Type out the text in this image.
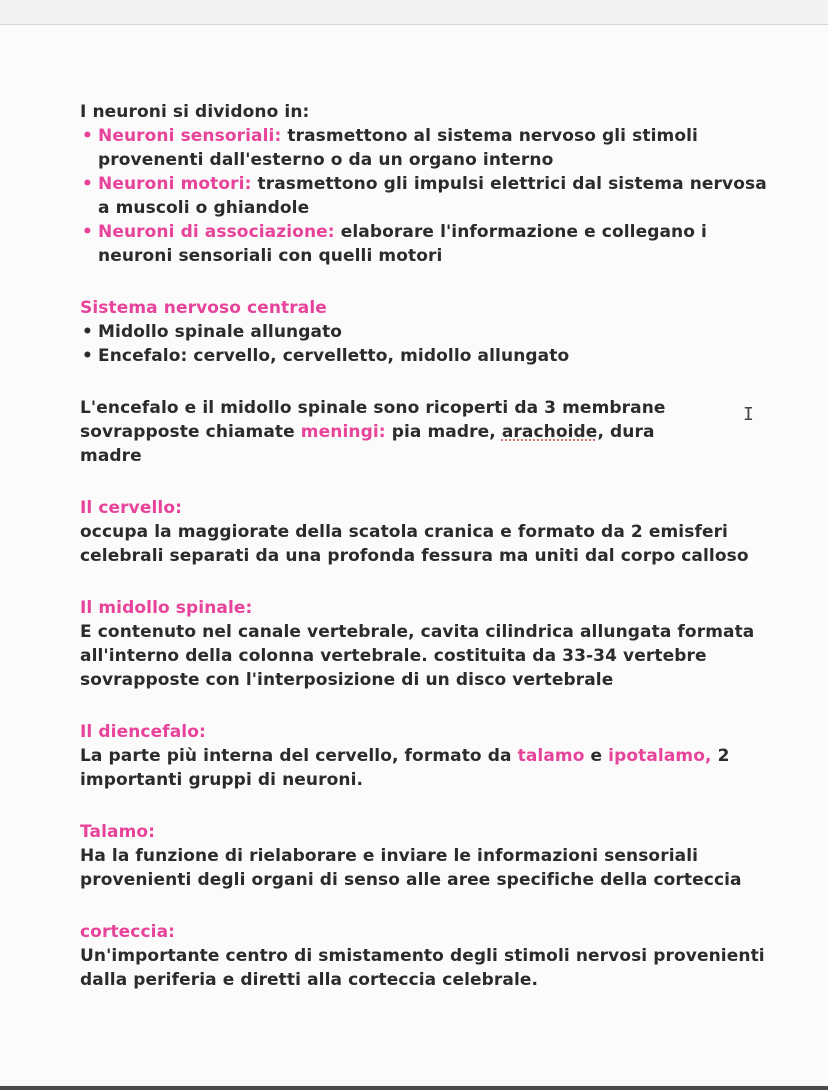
I neuroni si dividono in:
• Neuroni sensoriali: trasmettono al sistema nervoso gli stimoli provenenti dall'esterno o da un organo interno
• Neuroni motori: trasmettono gli impulsi elettrici dal sistema nervosa a muscoli o ghiandole
• Neuroni di associazione: elaborare l'informazione e collegano i neuroni sensoriali con quelli motori
Sistema nervoso centrale
• Midollo spinale allungato
• Encefalo: cervello, cervelletto, midollo allungato
L'encefalo e il midollo spinale sono ricoperti da 3 membrane sovrapposte chiamate meningi: pia madre, arachoide, dura madre
Il cervello:
occupa la maggiorate della scatola cranica e formato da 2 emisferi celebrali separati da una profonda fessura ma uniti dal corpo calloso
Il midollo spinale:
E contenuto nel canale vertebrale, cavita cilindrica allungata formata all'interno della colonna vertebrale. costituita da 33-34 vertebre sovrapposte con l'interposizione di un disco vertebrale
Il diencefalo:
La parte più interna del cervello, formato da talamo e ipotalamo, 2 importanti gruppi di neuroni.
Talamo:
Ha la funzione di rielaborare e inviare le informazioni sensoriali provenienti degli organi di senso alle aree specifiche della corteccia
corteccia:
Un'importante centro di smistamento degli stimoli nervosi provenienti dalla periferia e diretti alla corteccia celebrale.
I
